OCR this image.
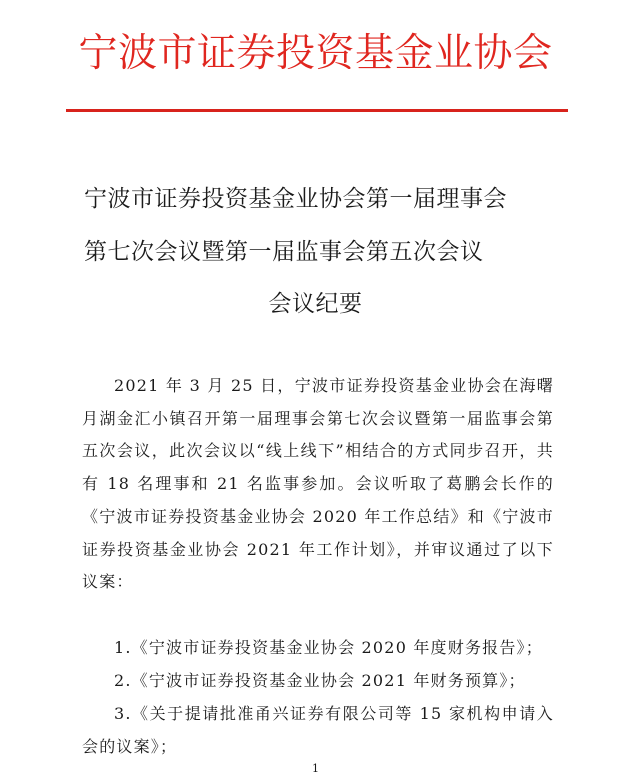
宁波市证券投资基金业协会
宁波市证券投资基金业协会第一届理事会
第七次会议暨第一届监事会第五次会议
会议纪要
2021 年 3 月 25 日，宁波市证券投资基金业协会在海曙月湖金汇小镇召开第一届理事会第七次会议暨第一届监事会第五次会议，此次会议以“线上线下”相结合的方式同步召开，共有 18 名理事和 21 名监事参加。会议听取了葛鹏会长作的《宁波市证券投资基金业协会 2020 年工作总结》和《宁波市证券投资基金业协会 2021 年工作计划》，并审议通过了以下议案：
1.《宁波市证券投资基金业协会 2020 年度财务报告》；
2.《宁波市证券投资基金业协会 2021 年财务预算》；
3.《关于提请批准甬兴证券有限公司等 15 家机构申请入会的议案》；
1
